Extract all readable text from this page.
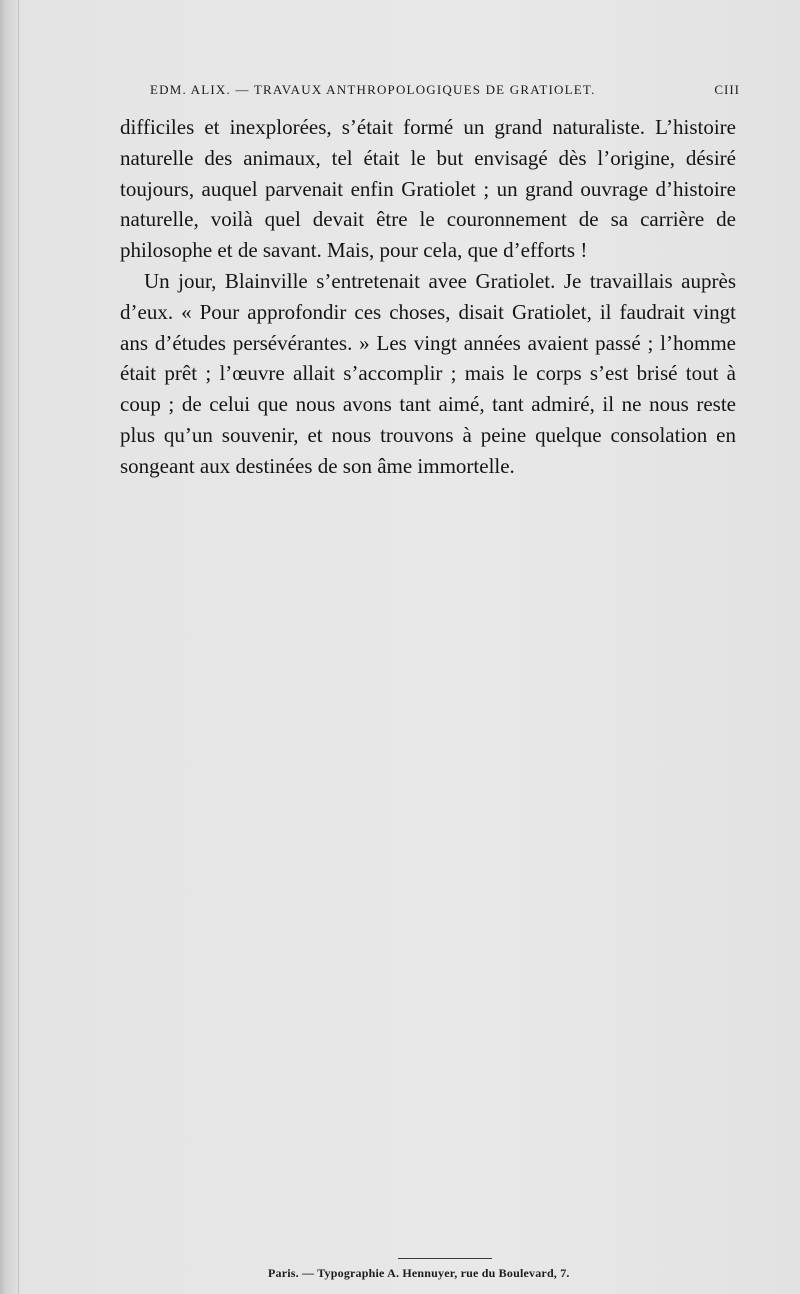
EDM. ALIX. — TRAVAUX ANTHROPOLOGIQUES DE GRATIOLET.	CIII

difficiles et inexplorées, s’était formé un grand naturaliste. L’histoire naturelle des animaux, tel était le but envisagé dès l’origine, désiré toujours, auquel parvenait enfin Gratiolet ; un grand ouvrage d’histoire naturelle, voilà quel devait être le couronnement de sa carrière de philosophe et de savant. Mais, pour cela, que d’efforts !

Un jour, Blainville s’entretenait avee Gratiolet. Je travaillais auprès d’eux. « Pour approfondir ces choses, disait Gratiolet, il faudrait vingt ans d’études persévérantes. » Les vingt années avaient passé ; l’homme était prêt ; l’œuvre allait s’accomplir ; mais le corps s’est brisé tout à coup ; de celui que nous avons tant aimé, tant admiré, il ne nous reste plus qu’un souvenir, et nous trouvons à peine quelque consolation en songeant aux destinées de son âme immortelle.

Paris. — Typographie A. Hennuyer, rue du Boulevard, 7.
